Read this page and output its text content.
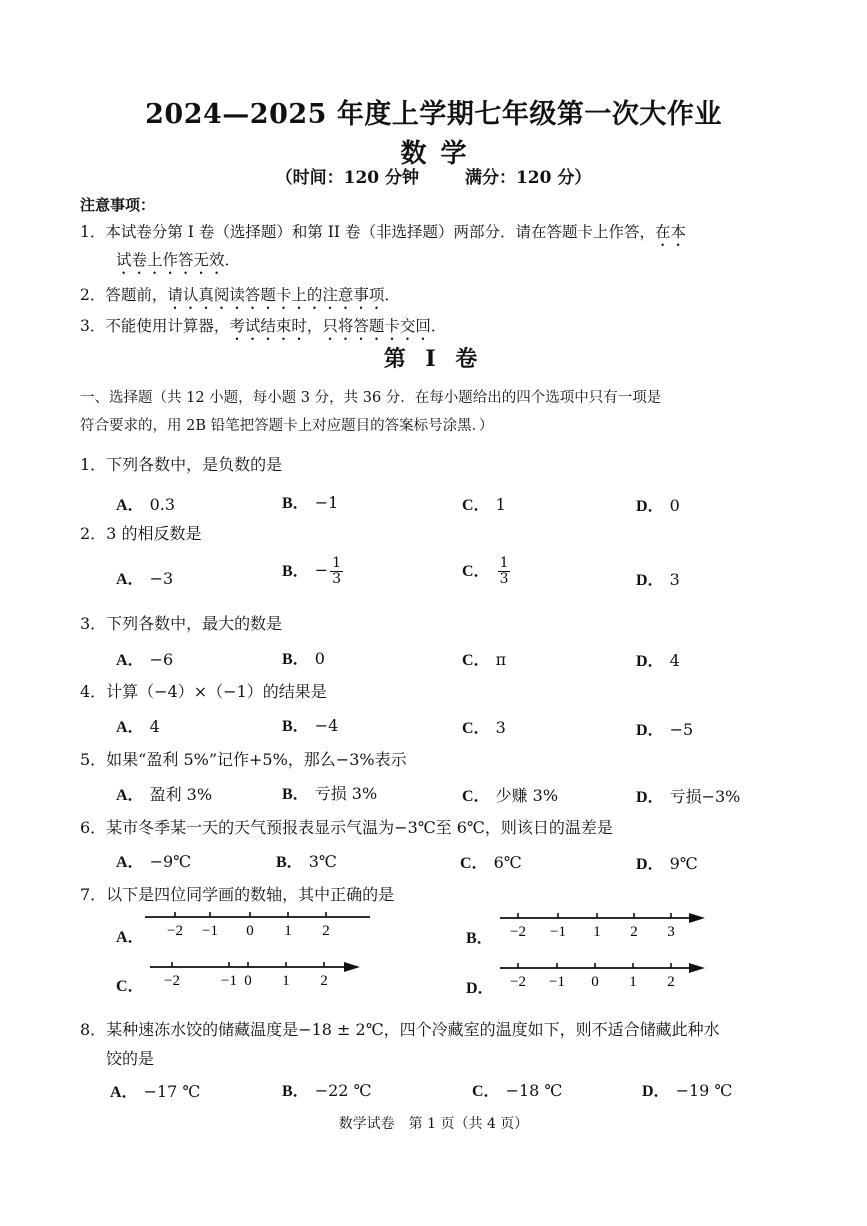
2024—2025 年度上学期七年级第一次大作业
数学
（时间：120 分钟	满分：120 分）
注意事项：
1．本试卷分第 I 卷（选择题）和第 II 卷（非选择题）两部分．请在答题卡上作答，在本
试卷上作答无效．
2．答题前，请认真阅读答题卡上的注意事项．
3．不能使用计算器，考试结束时，只将答题卡交回．
第 I 卷
一、选择题（共 12 小题，每小题 3 分，共 36 分．在每小题给出的四个选项中只有一项是
符合要求的，用 2B 铅笔把答题卡上对应题目的答案标号涂黑．）
1．下列各数中，是负数的是
A． 0.3	B． −1	C． 1	D． 0
2．3 的相反数是
A． −3	B． − $\frac{1}{3}$	C． $\frac{1}{3}$	D． 3
3．下列各数中，最大的数是
A． −6	B． 0	C． π	D． 4
4．计算（−4）×（−1）的结果是
A． 4	B． −4	C． 3	D． −5
5．如果“盈利 5%”记作+5%，那么−3%表示
A． 盈利 3%	B． 亏损 3%	C． 少赚 3%	D． 亏损−3%
6．某市冬季某一天的天气预报表显示气温为−3℃至 6℃，则该日的温差是
A． −9℃	B． 3℃	C． 6℃	D． 9℃
7．以下是四位同学画的数轴，其中正确的是
A．	B．
C．	D．
−2 −1 0 1 2	−2 −1 1 2 3
−2	−1 0 1 2	−2 −1 0 1 2
8．某种速冻水饺的储藏温度是−18 ± 2℃，四个冷藏室的温度如下，则不适合储藏此种水
饺的是
A． −17 ℃	B． −22 ℃	C． −18 ℃	D． −19 ℃
数学试卷　第 1 页（共 4 页）
